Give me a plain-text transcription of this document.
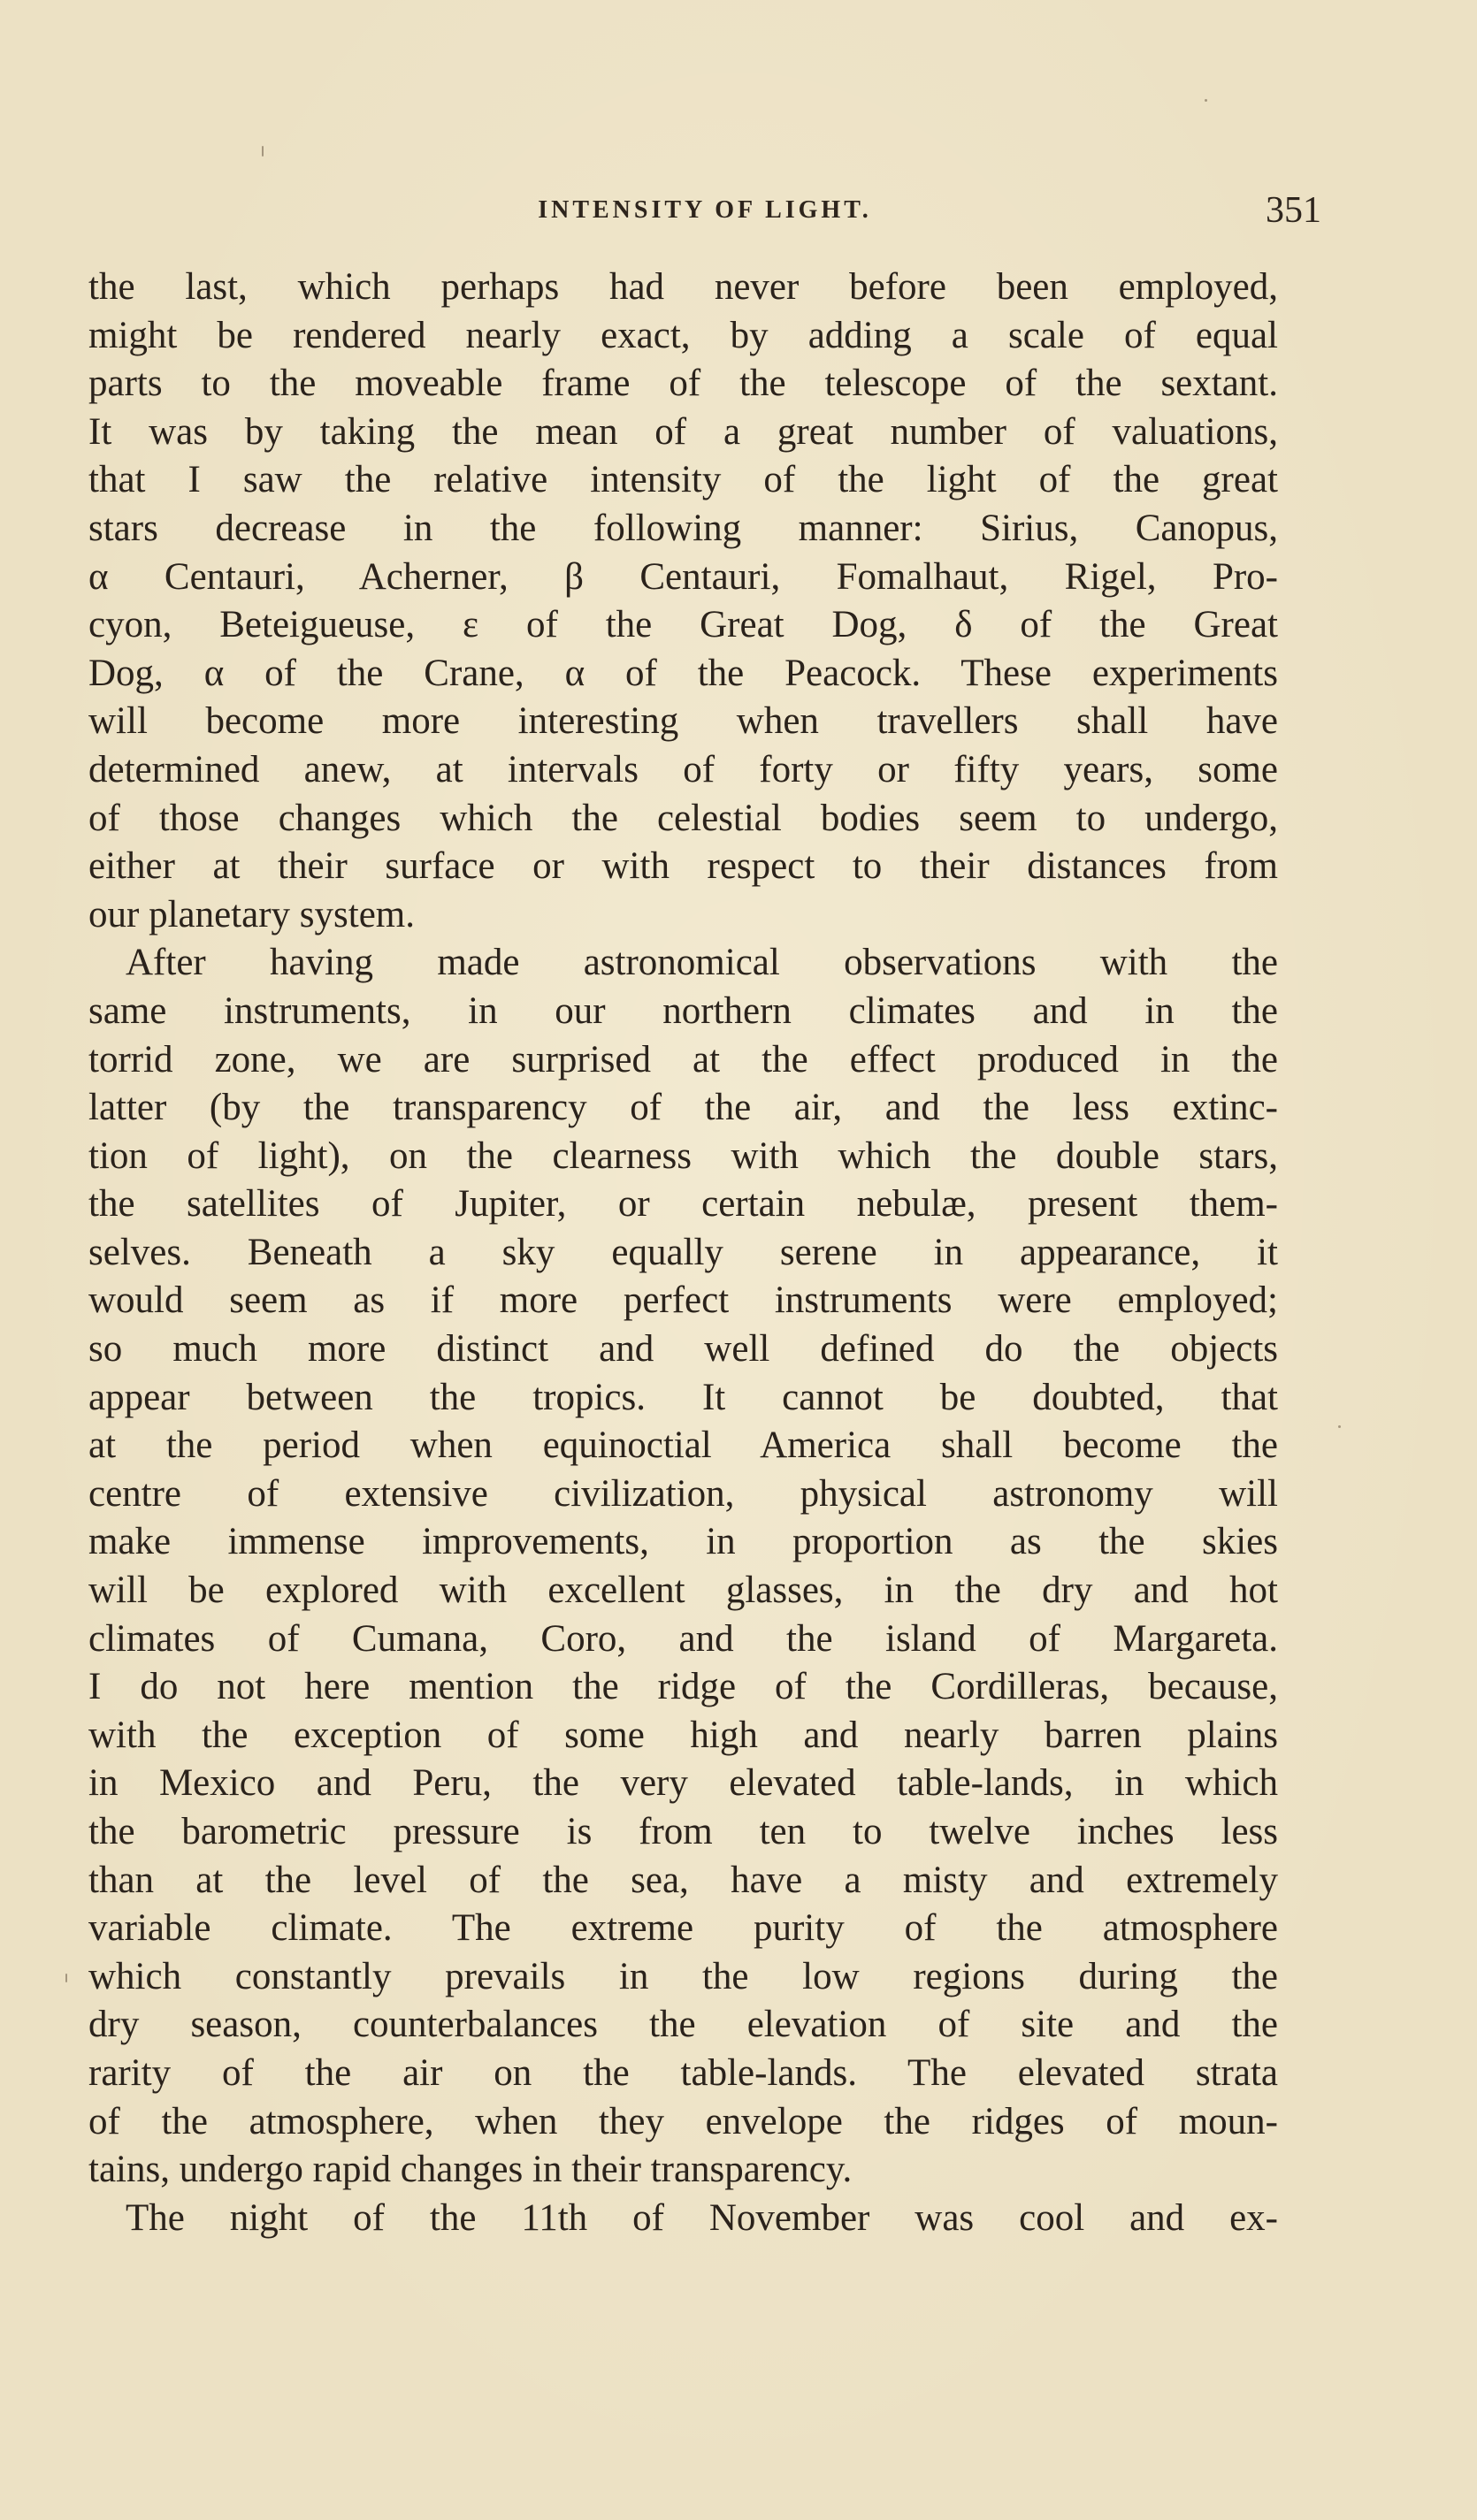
INTENSITY OF LIGHT.	351
the last, which perhaps had never before been employed,
might be rendered nearly exact, by adding a scale of equal
parts to the moveable frame of the telescope of the sextant.
It was by taking the mean of a great number of valuations,
that I saw the relative intensity of the light of the great
stars decrease in the following manner: Sirius, Canopus,
α Centauri, Acherner, β Centauri, Fomalhaut, Rigel, Pro-
cyon, Beteigueuse, ε of the Great Dog, δ of the Great
Dog, α of the Crane, α of the Peacock. These experiments
will become more interesting when travellers shall have
determined anew, at intervals of forty or fifty years, some
of those changes which the celestial bodies seem to undergo,
either at their surface or with respect to their distances from
our planetary system.
After having made astronomical observations with the
same instruments, in our northern climates and in the
torrid zone, we are surprised at the effect produced in the
latter (by the transparency of the air, and the less extinc-
tion of light), on the clearness with which the double stars,
the satellites of Jupiter, or certain nebulæ, present them-
selves. Beneath a sky equally serene in appearance, it
would seem as if more perfect instruments were employed;
so much more distinct and well defined do the objects
appear between the tropics. It cannot be doubted, that
at the period when equinoctial America shall become the
centre of extensive civilization, physical astronomy will
make immense improvements, in proportion as the skies
will be explored with excellent glasses, in the dry and hot
climates of Cumana, Coro, and the island of Margareta.
I do not here mention the ridge of the Cordilleras, because,
with the exception of some high and nearly barren plains
in Mexico and Peru, the very elevated table-lands, in which
the barometric pressure is from ten to twelve inches less
than at the level of the sea, have a misty and extremely
variable climate. The extreme purity of the atmosphere
which constantly prevails in the low regions during the
dry season, counterbalances the elevation of site and the
rarity of the air on the table-lands. The elevated strata
of the atmosphere, when they envelope the ridges of moun-
tains, undergo rapid changes in their transparency.
The night of the 11th of November was cool and ex-
